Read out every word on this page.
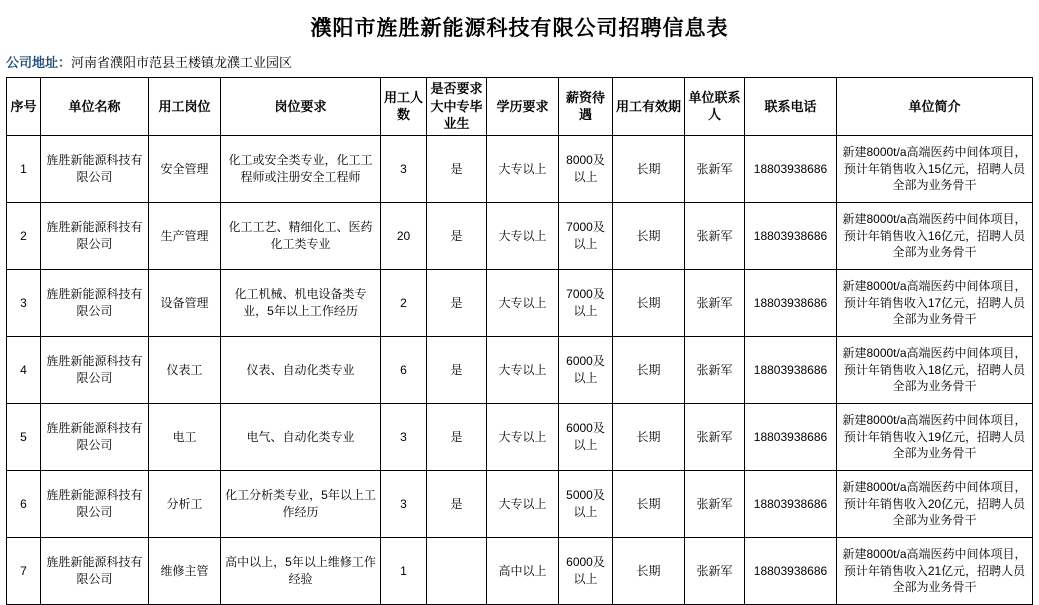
濮阳市旌胜新能源科技有限公司招聘信息表
公司地址：河南省濮阳市范县王楼镇龙濮工业园区
序号	单位名称	用工岗位	岗位要求	用工人数	是否要求大中专毕业生	学历要求	薪资待遇	用工有效期	单位联系人	联系电话	单位简介
1	旌胜新能源科技有限公司	安全管理	化工或安全类专业，化工工程师或注册安全工程师	3	是	大专以上	8000及以上	长期	张新军	18803938686	新建8000t/a高端医药中间体项目，预计年销售收入15亿元，招聘人员全部为业务骨干
2	旌胜新能源科技有限公司	生产管理	化工工艺、精细化工、医药化工类专业	20	是	大专以上	7000及以上	长期	张新军	18803938686	新建8000t/a高端医药中间体项目，预计年销售收入16亿元，招聘人员全部为业务骨干
3	旌胜新能源科技有限公司	设备管理	化工机械、机电设备类专业，5年以上工作经历	2	是	大专以上	7000及以上	长期	张新军	18803938686	新建8000t/a高端医药中间体项目，预计年销售收入17亿元，招聘人员全部为业务骨干
4	旌胜新能源科技有限公司	仪表工	仪表、自动化类专业	6	是	大专以上	6000及以上	长期	张新军	18803938686	新建8000t/a高端医药中间体项目，预计年销售收入18亿元，招聘人员全部为业务骨干
5	旌胜新能源科技有限公司	电工	电气、自动化类专业	3	是	大专以上	6000及以上	长期	张新军	18803938686	新建8000t/a高端医药中间体项目，预计年销售收入19亿元，招聘人员全部为业务骨干
6	旌胜新能源科技有限公司	分析工	化工分析类专业，5年以上工作经历	3	是	大专以上	5000及以上	长期	张新军	18803938686	新建8000t/a高端医药中间体项目，预计年销售收入20亿元，招聘人员全部为业务骨干
7	旌胜新能源科技有限公司	维修主管	高中以上，5年以上维修工作经验	1		高中以上	6000及以上	长期	张新军	18803938686	新建8000t/a高端医药中间体项目，预计年销售收入21亿元，招聘人员全部为业务骨干
